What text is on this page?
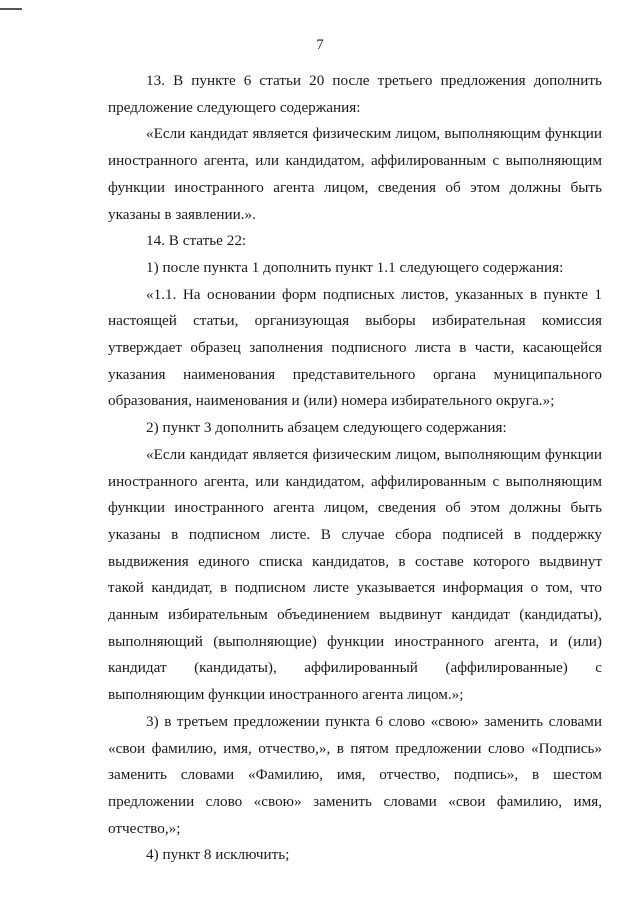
7

13. В пункте 6 статьи 20 после третьего предложения дополнить предложение следующего содержания:

«Если кандидат является физическим лицом, выполняющим функции иностранного агента, или кандидатом, аффилированным с выполняющим функции иностранного агента лицом, сведения об этом должны быть указаны в заявлении.».

14. В статье 22:

1) после пункта 1 дополнить пункт 1.1 следующего содержания:

«1.1. На основании форм подписных листов, указанных в пункте 1 настоящей статьи, организующая выборы избирательная комиссия утверждает образец заполнения подписного листа в части, касающейся указания наименования представительного органа муниципального образования, наименования и (или) номера избирательного округа.»;

2) пункт 3 дополнить абзацем следующего содержания:

«Если кандидат является физическим лицом, выполняющим функции иностранного агента, или кандидатом, аффилированным с выполняющим функции иностранного агента лицом, сведения об этом должны быть указаны в подписном листе. В случае сбора подписей в поддержку выдвижения единого списка кандидатов, в составе которого выдвинут такой кандидат, в подписном листе указывается информация о том, что данным избирательным объединением выдвинут кандидат (кандидаты), выполняющий (выполняющие) функции иностранного агента, и (или) кандидат (кандидаты), аффилированный (аффилированные) с выполняющим функции иностранного агента лицом.»;

3) в третьем предложении пункта 6 слово «свою» заменить словами «свои фамилию, имя, отчество,», в пятом предложении слово «Подпись» заменить словами «Фамилию, имя, отчество, подпись», в шестом предложении слово «свою» заменить словами «свои фамилию, имя, отчество,»;

4) пункт 8 исключить;
